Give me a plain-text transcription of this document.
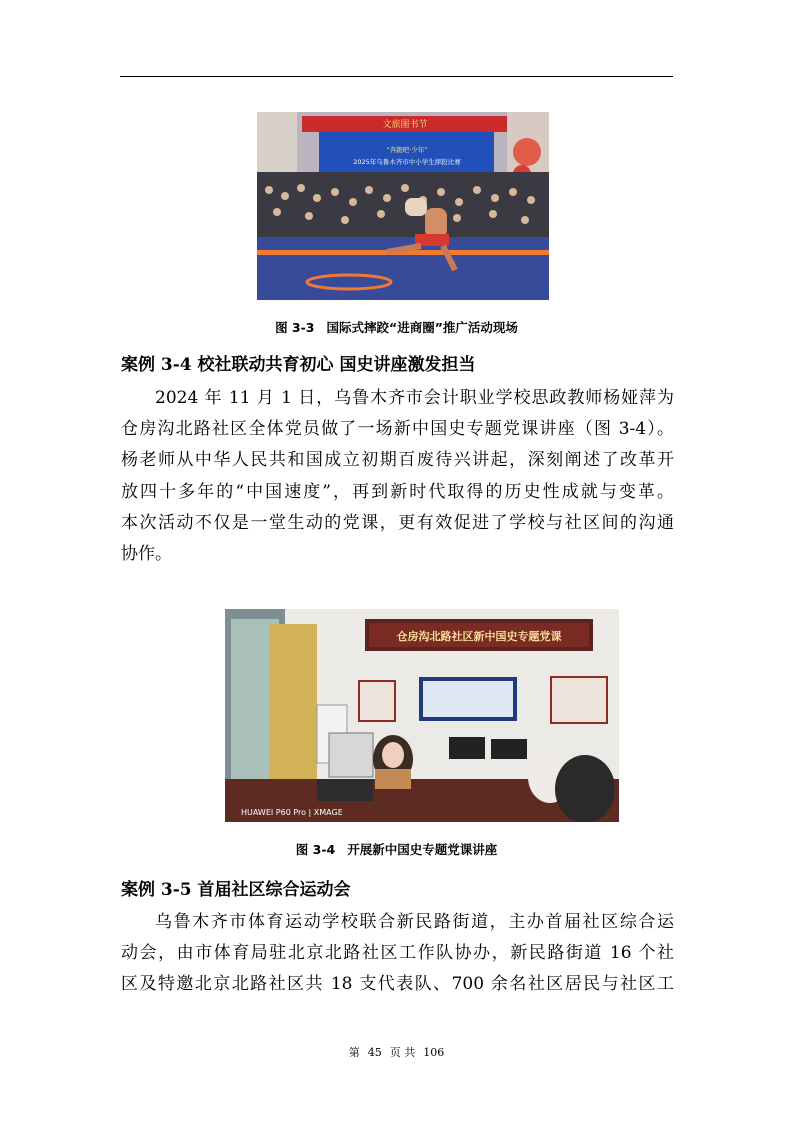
文旅图书节
“奔跑吧·少年”
2025年乌鲁木齐市中小学生摔跤比赛
图 3-3 国际式摔跤“进商圈”推广活动现场
案例 3-4 校社联动共育初心 国史讲座激发担当
2024 年 11 月 1 日，乌鲁木齐市会计职业学校思政教师杨娅萍为
仓房沟北路社区全体党员做了一场新中国史专题党课讲座（图 3-4）。
杨老师从中华人民共和国成立初期百废待兴讲起，深刻阐述了改革开
放四十多年的“中国速度”，再到新时代取得的历史性成就与变革。
本次活动不仅是一堂生动的党课，更有效促进了学校与社区间的沟通
协作。
仓房沟北路社区新中国史专题党课
HUAWEI P60 Pro | XMAGE
图 3-4 开展新中国史专题党课讲座
案例 3-5 首届社区综合运动会
乌鲁木齐市体育运动学校联合新民路街道，主办首届社区综合运
动会，由市体育局驻北京北路社区工作队协办，新民路街道 16 个社
区及特邀北京北路社区共 18 支代表队、700 余名社区居民与社区工
第 45 页 共 106
